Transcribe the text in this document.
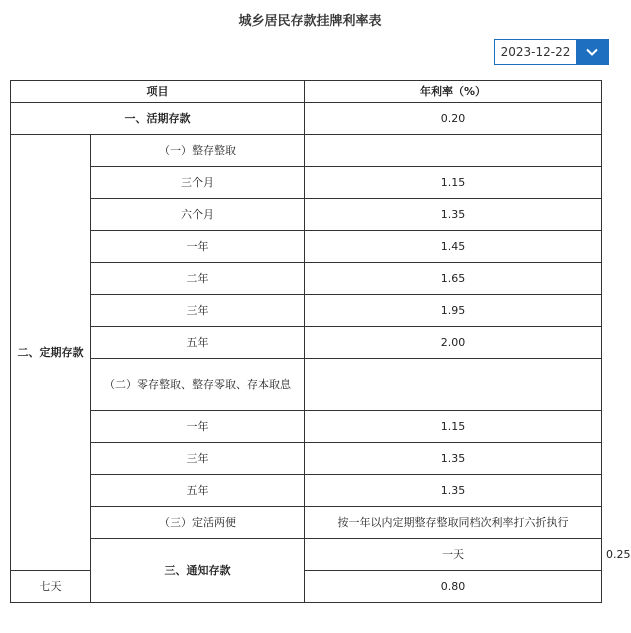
城乡居民存款挂牌利率表
2023-12-22
项目		年利率（%）	
一、活期存款		0.20	
二、定期存款	（一）整存整取		
	三个月	1.15	
	六个月	1.35	
	一年	1.45	
	二年	1.65	
	三年	1.95	
	五年	2.00	
	（二）零存整取、整存零取、存本取息		
	一年	1.15	
	三年	1.35	
	五年	1.35	
	（三）定活两便	按一年以内定期整存整取同档次利率打六折执行	
	三、通知存款	一天	0.25
七天		0.80	
